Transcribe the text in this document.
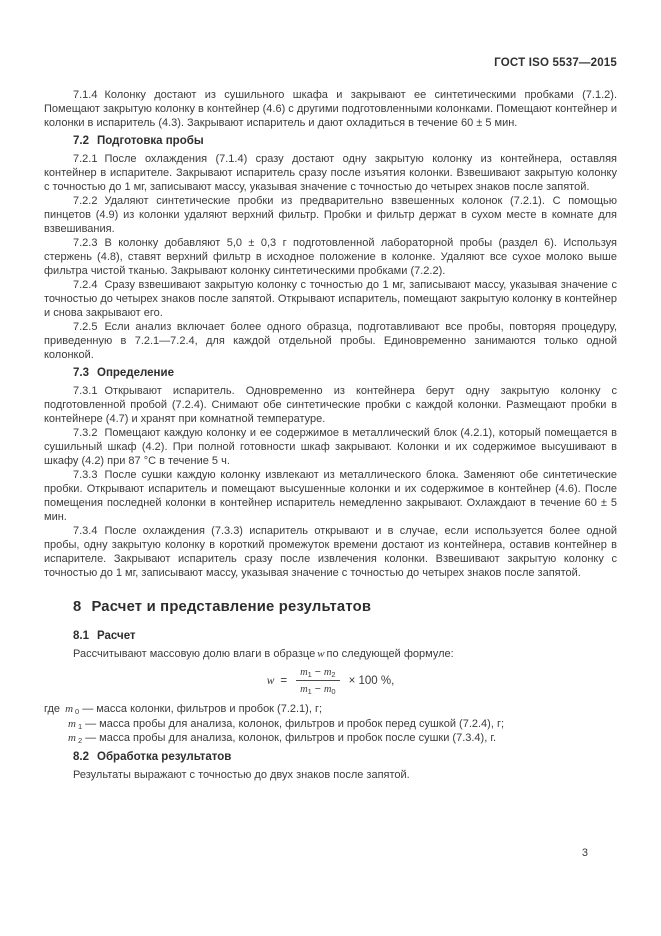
ГОСТ ISO 5537—2015

7.1.4 Колонку достают из сушильного шкафа и закрывают ее синтетическими пробками (7.1.2). Помещают закрытую колонку в контейнер (4.6) с другими подготовленными колонками. Помещают контейнер и колонки в испаритель (4.3). Закрывают испаритель и дают охладиться в течение 60 ± 5 мин.

7.2 Подготовка пробы

7.2.1 После охлаждения (7.1.4) сразу достают одну закрытую колонку из контейнера, оставляя контейнер в испарителе. Закрывают испаритель сразу после изъятия колонки. Взвешивают закрытую колонку с точностью до 1 мг, записывают массу, указывая значение с точностью до четырех знаков после запятой.

7.2.2 Удаляют синтетические пробки из предварительно взвешенных колонок (7.2.1). С помощью пинцетов (4.9) из колонки удаляют верхний фильтр. Пробки и фильтр держат в сухом месте в комнате для взвешивания.

7.2.3 В колонку добавляют 5,0 ± 0,3 г подготовленной лабораторной пробы (раздел 6). Используя стержень (4.8), ставят верхний фильтр в исходное положение в колонке. Удаляют все сухое молоко выше фильтра чистой тканью. Закрывают колонку синтетическими пробками (7.2.2).

7.2.4 Сразу взвешивают закрытую колонку с точностью до 1 мг, записывают массу, указывая значение с точностью до четырех знаков после запятой. Открывают испаритель, помещают закрытую колонку в контейнер и снова закрывают его.

7.2.5 Если анализ включает более одного образца, подготавливают все пробы, повторяя процедуру, приведенную в 7.2.1—7.2.4, для каждой отдельной пробы. Единовременно занимаются только одной колонкой.

7.3 Определение

7.3.1 Открывают испаритель. Одновременно из контейнера берут одну закрытую колонку с подготовленной пробой (7.2.4). Снимают обе синтетические пробки с каждой колонки. Размещают пробки в контейнере (4.7) и хранят при комнатной температуре.

7.3.2 Помещают каждую колонку и ее содержимое в металлический блок (4.2.1), который помещается в сушильный шкаф (4.2). При полной готовности шкаф закрывают. Колонки и их содержимое высушивают в шкафу (4.2) при 87 °С в течение 5 ч.

7.3.3 После сушки каждую колонку извлекают из металлического блока. Заменяют обе синтетические пробки. Открывают испаритель и помещают высушенные колонки и их содержимое в контейнер (4.6). После помещения последней колонки в контейнер испаритель немедленно закрывают. Охлаждают в течение 60 ± 5 мин.

7.3.4 После охлаждения (7.3.3) испаритель открывают и в случае, если используется более одной пробы, одну закрытую колонку в короткий промежуток времени достают из контейнера, оставив контейнер в испарителе. Закрывают испаритель сразу после извлечения колонки. Взвешивают закрытую колонку с точностью до 1 мг, записывают массу, указывая значение с точностью до четырех знаков после запятой.

8 Расчет и представление результатов
8.1 Расчет

Рассчитывают массовую долю влаги в образце w по следующей формуле:

$w = \frac{m_1 - m_2}{m_1 - m_0} \times 100$ %,
где m $_0$ — масса колонки, фильтров и пробок (7.2.1), г;
m $_1$ — масса пробы для анализа, колонок, фильтров и пробок перед сушкой (7.2.4), г;
m $_2$ — масса пробы для анализа, колонок, фильтров и пробок после сушки (7.3.4), г.
8.2 Обработка результатов

Результаты выражают с точностью до двух знаков после запятой.

3
